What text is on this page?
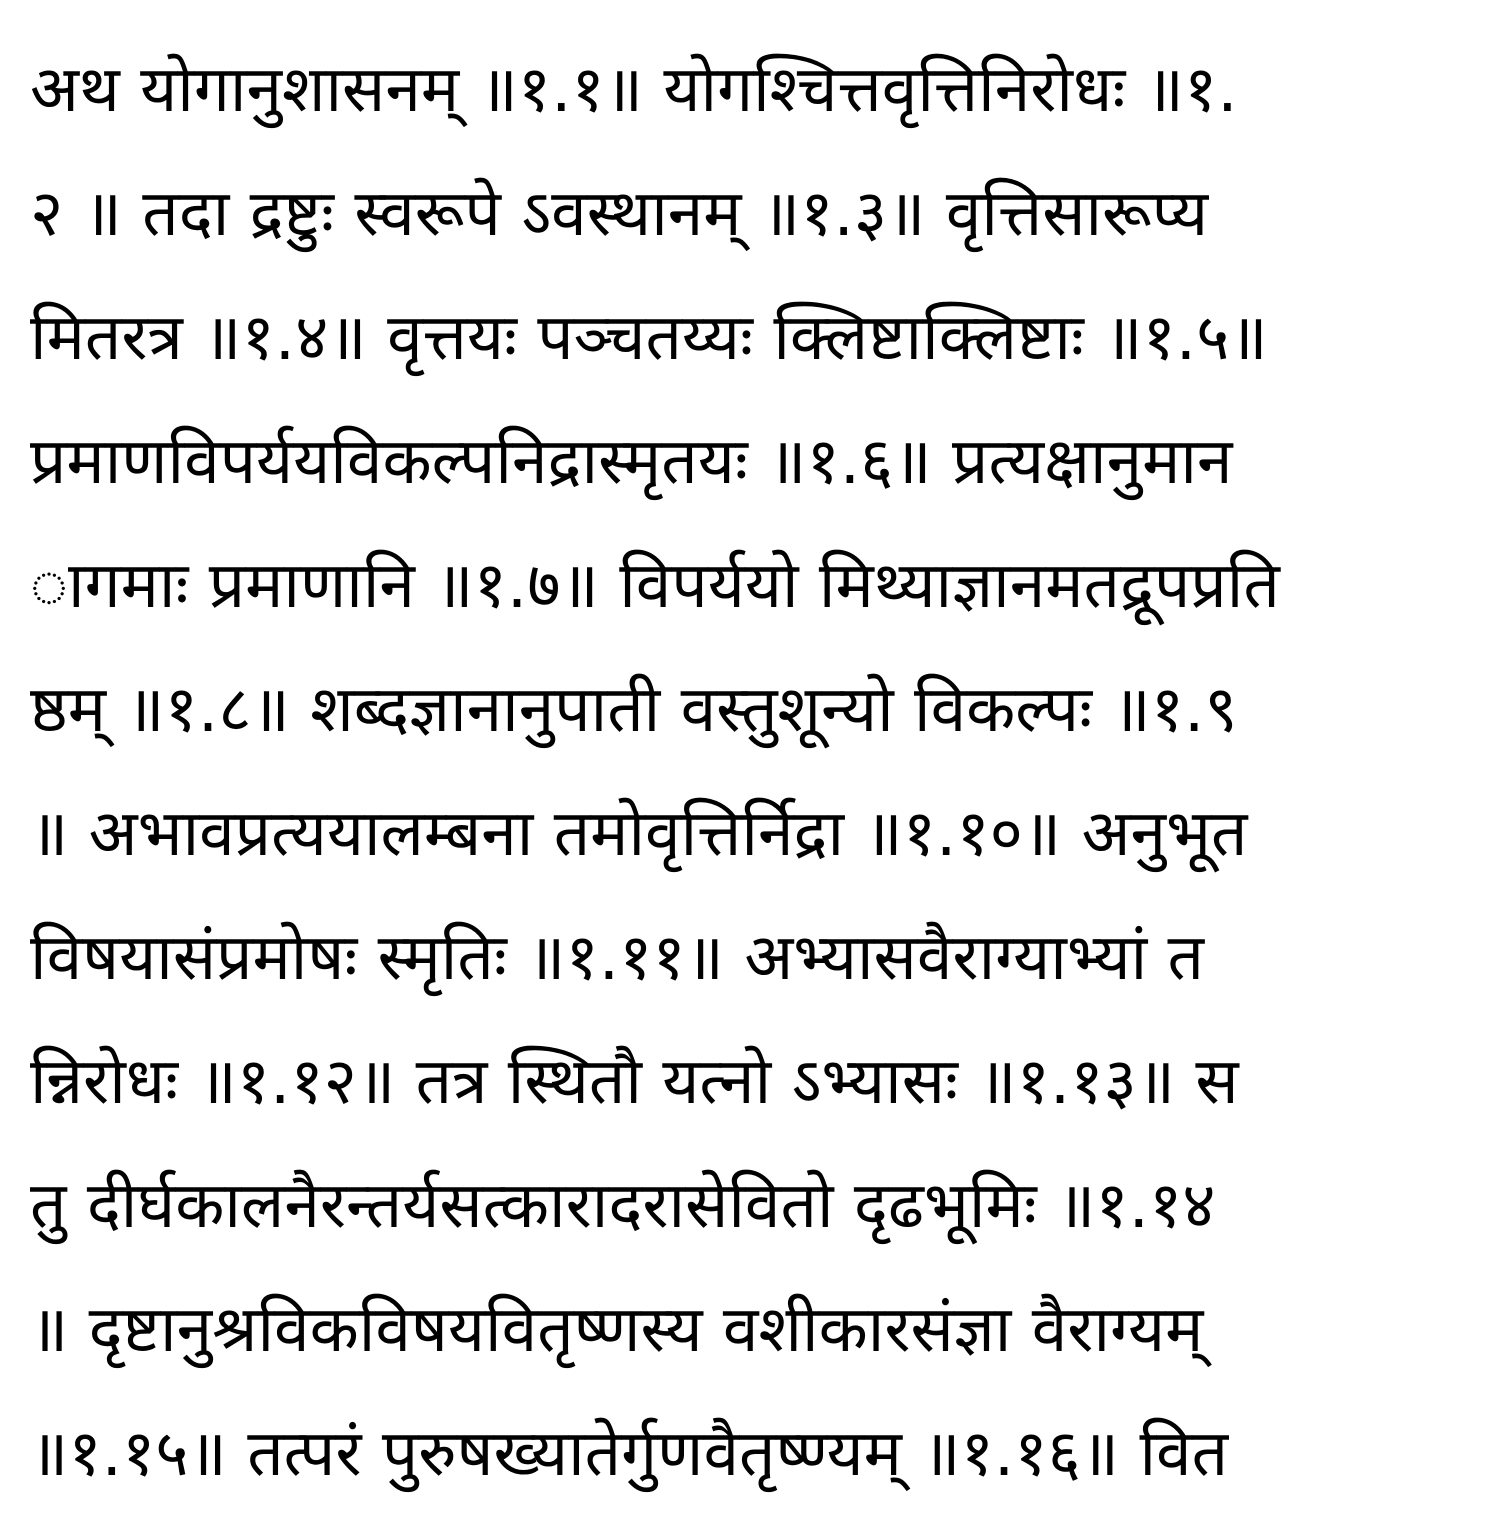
अथ योगानुशासनम् ॥१.१॥ योगश्चित्तवृत्तिनिरोधः ॥१.
२ ॥ तदा द्रष्टुः स्वरूपे ऽवस्थानम् ॥१.३॥ वृत्तिसारूप्य
मितरत्र ॥१.४॥ वृत्तयः पञ्चतय्यः क्लिष्टाक्लिष्टाः ॥१.५॥
प्रमाणविपर्ययविकल्पनिद्रास्मृतयः ॥१.६॥ प्रत्यक्षानुमान
ागमाः प्रमाणानि ॥१.७॥ विपर्ययो मिथ्याज्ञानमतद्रूपप्रति
ष्ठम् ॥१.८॥ शब्दज्ञानानुपाती वस्तुशून्यो विकल्पः ॥१.९
॥ अभावप्रत्ययालम्बना तमोवृत्तिर्निद्रा ॥१.१०॥ अनुभूत
विषयासंप्रमोषः स्मृतिः ॥१.११॥ अभ्यासवैराग्याभ्यां त
न्निरोधः ॥१.१२॥ तत्र स्थितौ यत्नो ऽभ्यासः ॥१.१३॥ स
तु दीर्घकालनैरन्तर्यसत्कारादरासेवितो दृढभूमिः ॥१.१४
॥ दृष्टानुश्रविकविषयवितृष्णस्य वशीकारसंज्ञा वैराग्यम्
॥१.१५॥ तत्परं पुरुषख्यातेर्गुणवैतृष्ण्यम् ॥१.१६॥ वित
